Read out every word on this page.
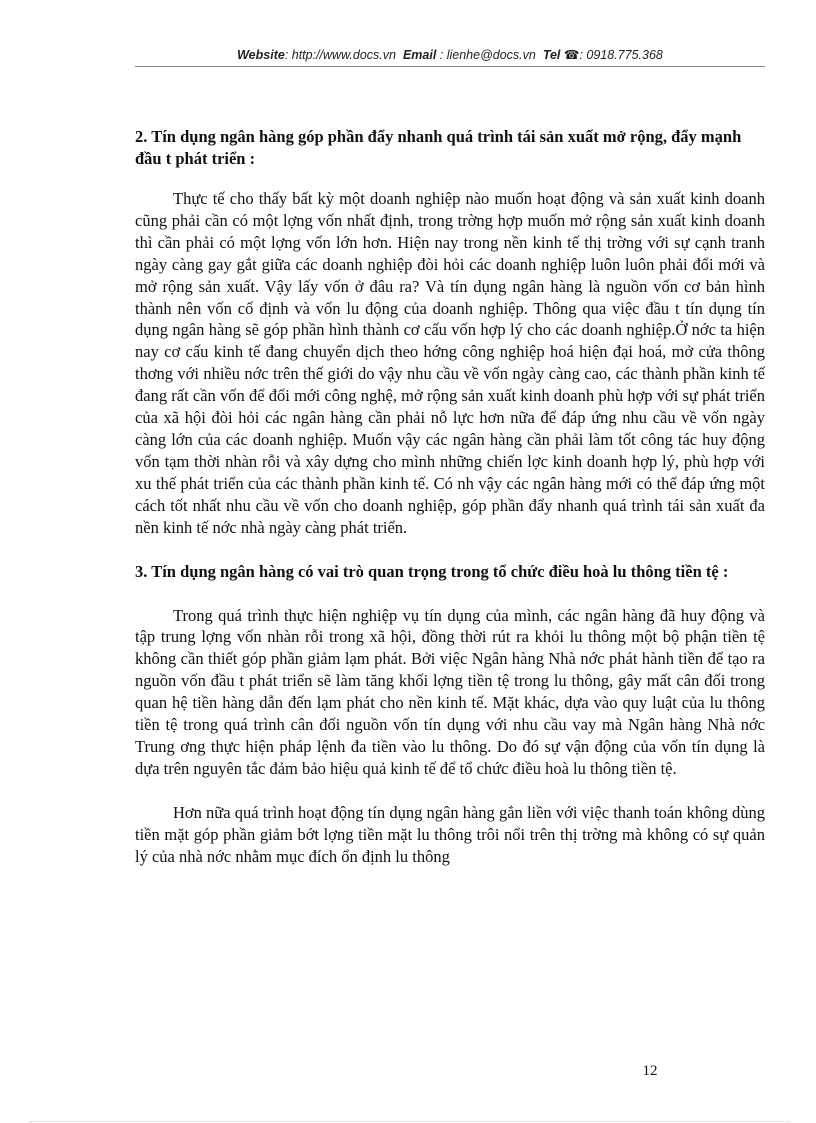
Website: http://www.docs.vn Email : lienhe@docs.vn Tel ☎: 0918.775.368

2. Tín dụng ngân hàng góp phần đẩy nhanh quá trình tái sản xuất mở rộng, đẩy mạnh đầu t phát triển :

Thực tế cho thấy bất kỳ một doanh nghiệp nào muốn hoạt động và sản xuất kinh doanh cũng phải cần có một lợng vốn nhất định, trong trờng hợp muốn mở rộng sản xuất kinh doanh thì cần phải có một lợng vốn lớn hơn. Hiện nay trong nền kinh tế thị trờng với sự cạnh tranh ngày càng gay gắt giữa các doanh nghiệp đòi hỏi các doanh nghiệp luôn luôn phải đổi mới và mở rộng sản xuất. Vậy lấy vốn ở đâu ra? Và tín dụng ngân hàng là nguồn vốn cơ bản hình thành nên vốn cố định và vốn lu động của doanh nghiệp. Thông qua việc đầu t tín dụng tín dụng ngân hàng sẽ góp phần hình thành cơ cấu vốn hợp lý cho các doanh nghiệp.Ở nớc ta hiện nay cơ cấu kinh tế đang chuyển dịch theo hớng công nghiệp hoá hiện đại hoá, mở cửa thông thơng với nhiều nớc trên thế giới do vậy nhu cầu về vốn ngày càng cao, các thành phần kinh tế đang rất cần vốn để đổi mới công nghệ, mở rộng sản xuất kinh doanh phù hợp với sự phát triển của xã hội đòi hỏi các ngân hàng cần phải nỗ lực hơn nữa để đáp ứng nhu cầu về vốn ngày càng lớn của các doanh nghiệp. Muốn vậy các ngân hàng cần phải làm tốt công tác huy động vốn tạm thời nhàn rỗi và xây dựng cho mình những chiến lợc kinh doanh hợp lý, phù hợp với xu thế phát triển của các thành phần kinh tế. Có nh vậy các ngân hàng mới có thể đáp ứng một cách tốt nhất nhu cầu về vốn cho doanh nghiệp, góp phần đẩy nhanh quá trình tái sản xuất đa nền kinh tế nớc nhà ngày càng phát triển.

3. Tín dụng ngân hàng có vai trò quan trọng trong tổ chức điều hoà lu thông tiền tệ :

Trong quá trình thực hiện nghiệp vụ tín dụng của mình, các ngân hàng đã huy động và tập trung lợng vốn nhàn rỗi trong xã hội, đồng thời rút ra khỏi lu thông một bộ phận tiền tệ không cần thiết góp phần giảm lạm phát. Bởi việc Ngân hàng Nhà nớc phát hành tiền để tạo ra nguồn vốn đầu t phát triển sẽ làm tăng khối lợng tiền tệ trong lu thông, gây mất cân đối trong quan hệ tiền hàng dẫn đến lạm phát cho nền kinh tế. Mặt khác, dựa vào quy luật của lu thông tiền tệ trong quá trình cân đối nguồn vốn tín dụng với nhu cầu vay mà Ngân hàng Nhà nớc Trung ơng thực hiện pháp lệnh đa tiền vào lu thông. Do đó sự vận động của vốn tín dụng là dựa trên nguyên tắc đảm bảo hiệu quả kinh tế để tổ chức điều hoà lu thông tiền tệ.

Hơn nữa quá trình hoạt động tín dụng ngân hàng gắn liền với việc thanh toán không dùng tiền mặt góp phần giảm bớt lợng tiền mặt lu thông trôi nổi trên thị trờng mà không có sự quản lý của nhà nớc nhằm mục đích ổn định lu thông

12
